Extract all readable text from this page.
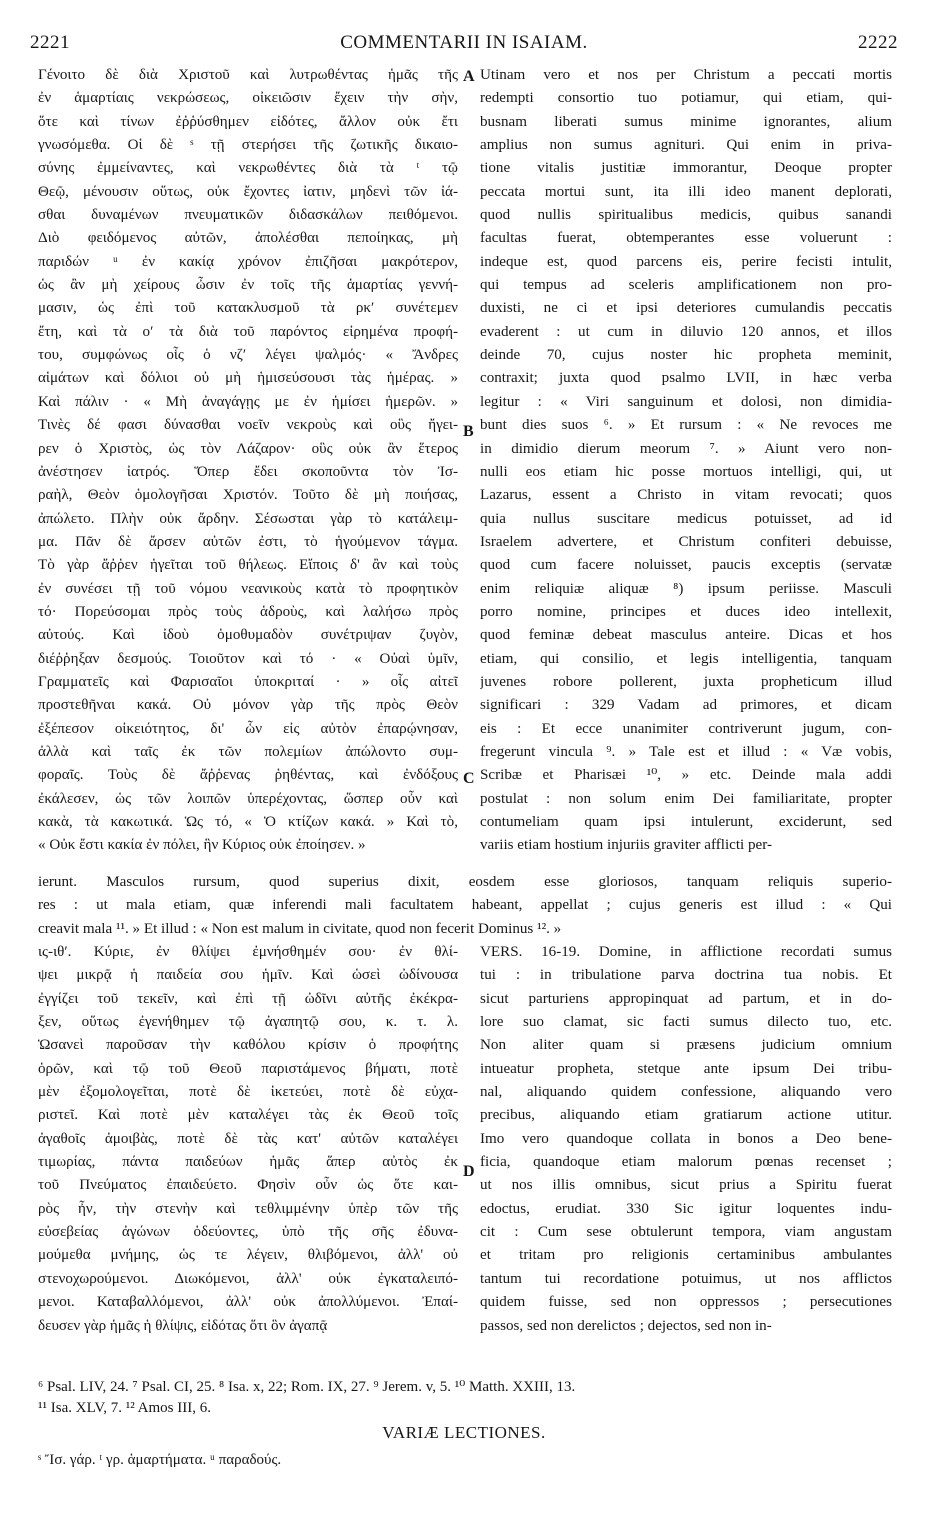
2221	COMMENTARII IN ISAIAM.	2222
Γένοιτο δὲ διὰ Χριστοῦ καὶ λυτρωθέντας ἡμᾶς τῆς
ἐν ἁμαρτίαις νεκρώσεως, οἰκειῶσιν ἔχειν τὴν σὴν,
ὅτε καὶ τίνων ἐῤῥύσθημεν εἰδότες, ἄλλον οὐκ ἔτι
γνωσόμεθα. Οἱ δὲ ˢ τῇ στερήσει τῆς ζωτικῆς δικαιο-
σύνης ἐμμείναντες, καὶ νεκρωθέντες διὰ τὰ ᵗ τῷ
Θεῷ, μένουσιν οὕτως, οὐκ ἔχοντες ἰατιν, μηδενὶ τῶν ἰά-
σθαι δυναμένων πνευματικῶν διδασκάλων πειθόμενοι.
Διὸ φειδόμενος αὐτῶν, ἀπολέσθαι πεποίηκας, μὴ
παριδών ᵘ ἐν κακίᾳ χρόνον ἐπιζῆσαι μακρότερον,
ὡς ἂν μὴ χείρους ὦσιν ἐν τοῖς τῆς ἁμαρτίας γεννή-
μασιν, ὡς ἐπὶ τοῦ κατακλυσμοῦ τὰ ρκʹ συνέτεμεν
ἔτη, καὶ τὰ οʹ τὰ διὰ τοῦ παρόντος εἰρημένα προφή-
του, συμφώνως οἷς ὁ νζʹ λέγει ψαλμός· « Ἄνδρες
αἱμάτων καὶ δόλιοι οὐ μὴ ἡμισεύσουσι τὰς ἡμέρας. »
Καὶ πάλιν · « Μὴ ἀναγάγῃς με ἐν ἡμίσει ἡμερῶν. »
Τινὲς δέ φασι δύνασθαι νοεῖν νεκροὺς καὶ οὓς ἤγει-
ρεν ὁ Χριστὸς, ὡς τὸν Λάζαρον· οὓς οὐκ ἂν ἕτερος
ἀνέστησεν ἰατρός. Ὅπερ ἔδει σκοποῦντα τὸν Ἰσ-
ραὴλ, Θεὸν ὁμολογῆσαι Χριστόν. Τοῦτο δὲ μὴ ποιήσας,
ἀπώλετο. Πλὴν οὐκ ἄρδην. Σέσωσται γὰρ τὸ κατάλειμ-
μα. Πᾶν δὲ ἄρσεν αὐτῶν ἐστι, τὸ ἡγούμενον τάγμα.
Τὸ γὰρ ἄῤῥεν ἡγεῖται τοῦ θήλεως. Εἴποις δ' ἂν καὶ τοὺς
ἐν συνέσει τῇ τοῦ νόμου νεανικοὺς κατὰ τὸ προφητικὸν
τό· Πορεύσομαι πρὸς τοὺς ἁδροὺς, καὶ λαλήσω πρὸς
αὐτούς. Καὶ ἰδοὺ ὁμοθυμαδὸν συνέτριψαν ζυγὸν,
διέῤῥηξαν δεσμούς. Τοιοῦτον καὶ τό · « Οὐαὶ ὑμῖν,
Γραμματεῖς καὶ Φαρισαῖοι ὑποκριταί · » οἷς αἰτεῖ
προστεθῆναι κακά. Οὐ μόνον γὰρ τῆς πρὸς Θεὸν
ἐξέπεσον οἰκειότητος, δι' ὧν εἰς αὐτὸν ἐπαρῴνησαν,
ἀλλὰ καὶ ταῖς ἐκ τῶν πολεμίων ἀπώλοντο συμ-
φοραῖς. Τοὺς δὲ ἄῤῥενας ῥηθέντας, καὶ ἐνδόξους
ἐκάλεσεν, ὡς τῶν λοιπῶν ὑπερέχοντας, ὥσπερ οὖν καὶ
κακὰ, τὰ κακωτικά. Ὡς τό, « Ὁ κτίζων κακά. » Καὶ τὸ,
« Οὐκ ἔστι κακία ἐν πόλει, ἣν Κύριος οὐκ ἐποίησεν. »
Utinam vero et nos per Christum a peccati mortis
redempti consortio tuo potiamur, qui etiam, qui-
busnam liberati sumus minime ignorantes, alium
amplius non sumus agnituri. Qui enim in priva-
tione vitalis justitiæ immorantur, Deoque propter
peccata mortui sunt, ita illi ideo manent deplorati,
quod nullis spiritualibus medicis, quibus sanandi
facultas fuerat, obtemperantes esse voluerunt :
indeque est, quod parcens eis, perire fecisti intulit,
qui tempus ad sceleris amplificationem non pro-
duxisti, ne ci et ipsi deteriores cumulandis peccatis
evaderent : ut cum in diluvio 120 annos, et illos
deinde 70, cujus noster hic propheta meminit,
contraxit; juxta quod psalmo LVII, in hæc verba
legitur : « Viri sanguinum et dolosi, non dimidia-
bunt dies suos ⁶. » Et rursum : « Ne revoces me
in dimidio dierum meorum ⁷. » Aiunt vero non-
nulli eos etiam hic posse mortuos intelligi, qui, ut
Lazarus, essent a Christo in vitam revocati; quos
quia nullus suscitare medicus potuisset, ad id
Israelem advertere, et Christum confiteri debuisse,
quod cum facere noluisset, paucis exceptis (servatæ
enim reliquiæ aliquæ ⁸) ipsum periisse. Masculi
porro nomine, principes et duces ideo intellexit,
quod feminæ debeat masculus anteire. Dicas et hos
etiam, qui consilio, et legis intelligentia, tanquam
juvenes robore pollerent, juxta propheticum illud
significari : 329 Vadam ad primores, et dicam
eis : Et ecce unanimiter contriverunt jugum, con-
fregerunt vincula ⁹. » Tale est et illud : « Væ vobis,
Scribæ et Pharisæi ¹⁰, » etc. Deinde mala addi
postulat : non solum enim Dei familiaritate, propter
contumeliam quam ipsi intulerunt, exciderunt, sed
variis etiam hostium injuriis graviter afflicti per-
A
B
C
D
ierunt. Masculos rursum, quod superius dixit, eosdem esse gloriosos, tanquam reliquis superio-
res : ut mala etiam, quæ inferendi mali facultatem habeant, appellat ; cujus generis est illud : « Qui
creavit mala ¹¹. » Et illud : « Non est malum in civitate, quod non fecerit Dominus ¹². »
ις-ιθʹ. Κύριε, ἐν θλίψει ἐμνήσθημέν σου· ἐν θλί-
ψει μικρᾷ ἡ παιδεία σου ἡμῖν. Καὶ ὡσεὶ ὠδίνουσα
ἐγγίζει τοῦ τεκεῖν, καὶ ἐπὶ τῇ ὠδῖνι αὐτῆς ἐκέκρα-
ξεν, οὕτως ἐγενήθημεν τῷ ἀγαπητῷ σου, κ. τ. λ.
Ὡσανεὶ παροῦσαν τὴν καθόλου κρίσιν ὁ προφήτης
ὁρῶν, καὶ τῷ τοῦ Θεοῦ παριστάμενος βήματι, ποτὲ
μὲν ἐξομολογεῖται, ποτὲ δὲ ἱκετεύει, ποτὲ δὲ εὐχα-
ριστεῖ. Καὶ ποτὲ μὲν καταλέγει τὰς ἐκ Θεοῦ τοῖς
ἀγαθοῖς ἀμοιβὰς, ποτὲ δὲ τὰς κατ' αὐτῶν καταλέγει
τιμωρίας, πάντα παιδεύων ἡμᾶς ἅπερ αὐτὸς ἐκ
τοῦ Πνεύματος ἐπαιδεύετο. Φησὶν οὖν ὡς ὅτε και-
ρὸς ἦν, τὴν στενὴν καὶ τεθλιμμένην ὑπὲρ τῶν τῆς
εὐσεβείας ἀγώνων ὁδεύοντες, ὑπὸ τῆς σῆς ἐδυνα-
μούμεθα μνήμης, ὡς τε λέγειν, θλιβόμενοι, ἀλλ' οὐ
στενοχωρούμενοι. Διωκόμενοι, ἀλλ' οὐκ ἐγκαταλειπό-
μενοι. Καταβαλλόμενοι, ἀλλ' οὐκ ἀπολλύμενοι. Ἐπαί-
δευσεν γὰρ ἡμᾶς ἡ θλίψις, εἰδότας ὅτι ὃν ἀγαπᾷ
VERS. 16-19. Domine, in afflictione recordati sumus
tui : in tribulatione parva doctrina tua nobis. Et
sicut parturiens appropinquat ad partum, et in do-
lore suo clamat, sic facti sumus dilecto tuo, etc.
Non aliter quam si præsens judicium omnium
intueatur propheta, stetque ante ipsum Dei tribu-
nal, aliquando quidem confessione, aliquando vero
precibus, aliquando etiam gratiarum actione utitur.
Imo vero quandoque collata in bonos a Deo bene-
ficia, quandoque etiam malorum pœnas recenset ;
ut nos illis omnibus, sicut prius a Spiritu fuerat
edoctus, erudiat. 330 Sic igitur loquentes indu-
cit : Cum sese obtulerunt tempora, viam angustam
et tritam pro religionis certaminibus ambulantes
tantum tui recordatione potuimus, ut nos afflictos
quidem fuisse, sed non oppressos ; persecutiones
passos, sed non derelictos ; dejectos, sed non in-
⁶ Psal. LIV, 24. ⁷ Psal. CI, 25. ⁸ Isa. x, 22; Rom. IX, 27. ⁹ Jerem. v, 5. ¹⁰ Matth. XXIII, 13.
¹¹ Isa. XLV, 7. ¹² Amos III, 6.
VARIÆ LECTIONES.
ˢ Ἴσ. γάρ. ᵗ γρ. ἁμαρτήματα. ᵘ παραδούς.
